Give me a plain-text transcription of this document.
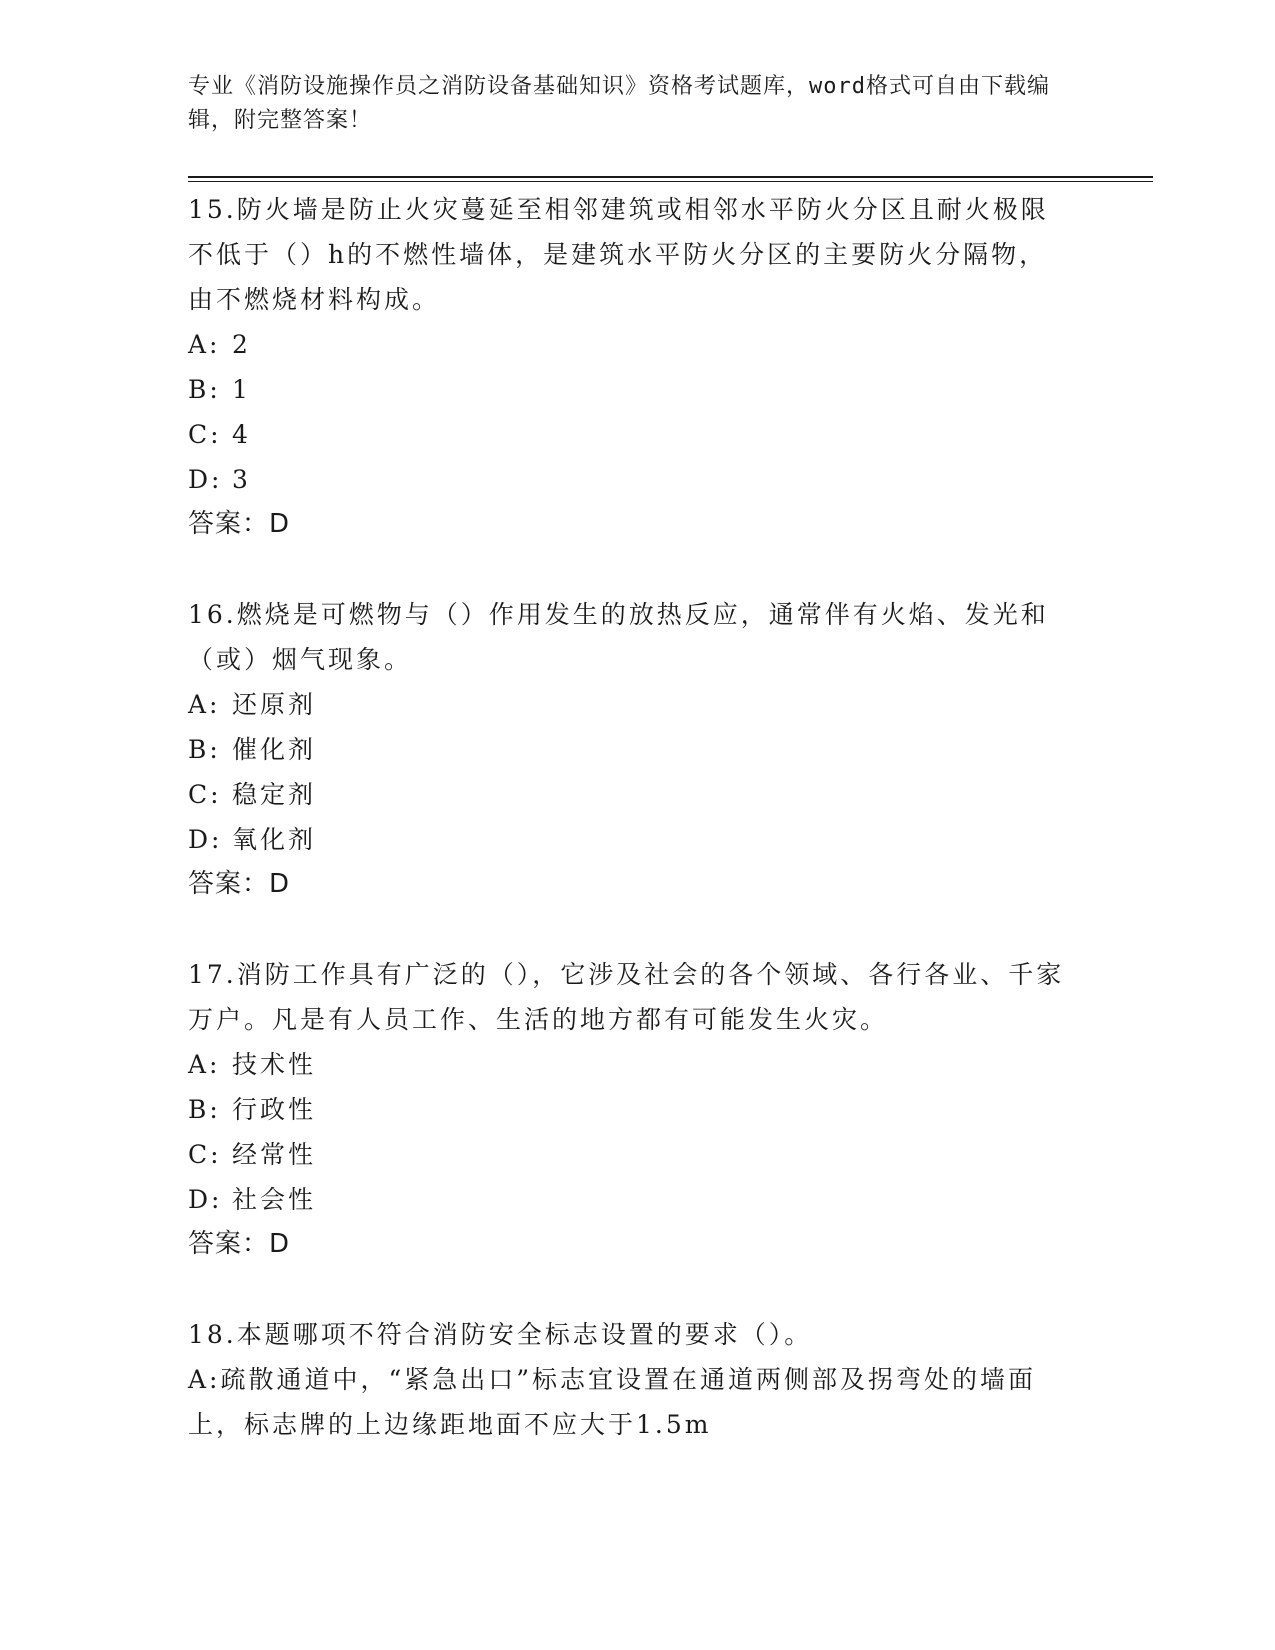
专业《消防设施操作员之消防设备基础知识》资格考试题库，word格式可自由下载编辑，附完整答案！
15.防火墙是防止火灾蔓延至相邻建筑或相邻水平防火分区且耐火极限不低于（）h的不燃性墙体，是建筑水平防火分区的主要防火分隔物，由不燃烧材料构成。
A: 2
B: 1
C: 4
D: 3
答案：D
16.燃烧是可燃物与（）作用发生的放热反应，通常伴有火焰、发光和（或）烟气现象。
A: 还原剂
B: 催化剂
C: 稳定剂
D: 氧化剂
答案：D
17.消防工作具有广泛的（），它涉及社会的各个领域、各行各业、千家万户。凡是有人员工作、生活的地方都有可能发生火灾。
A: 技术性
B: 行政性
C: 经常性
D: 社会性
答案：D
18.本题哪项不符合消防安全标志设置的要求（）。
A:疏散通道中，“紧急出口”标志宜设置在通道两侧部及拐弯处的墙面上，标志牌的上边缘距地面不应大于1.5m
